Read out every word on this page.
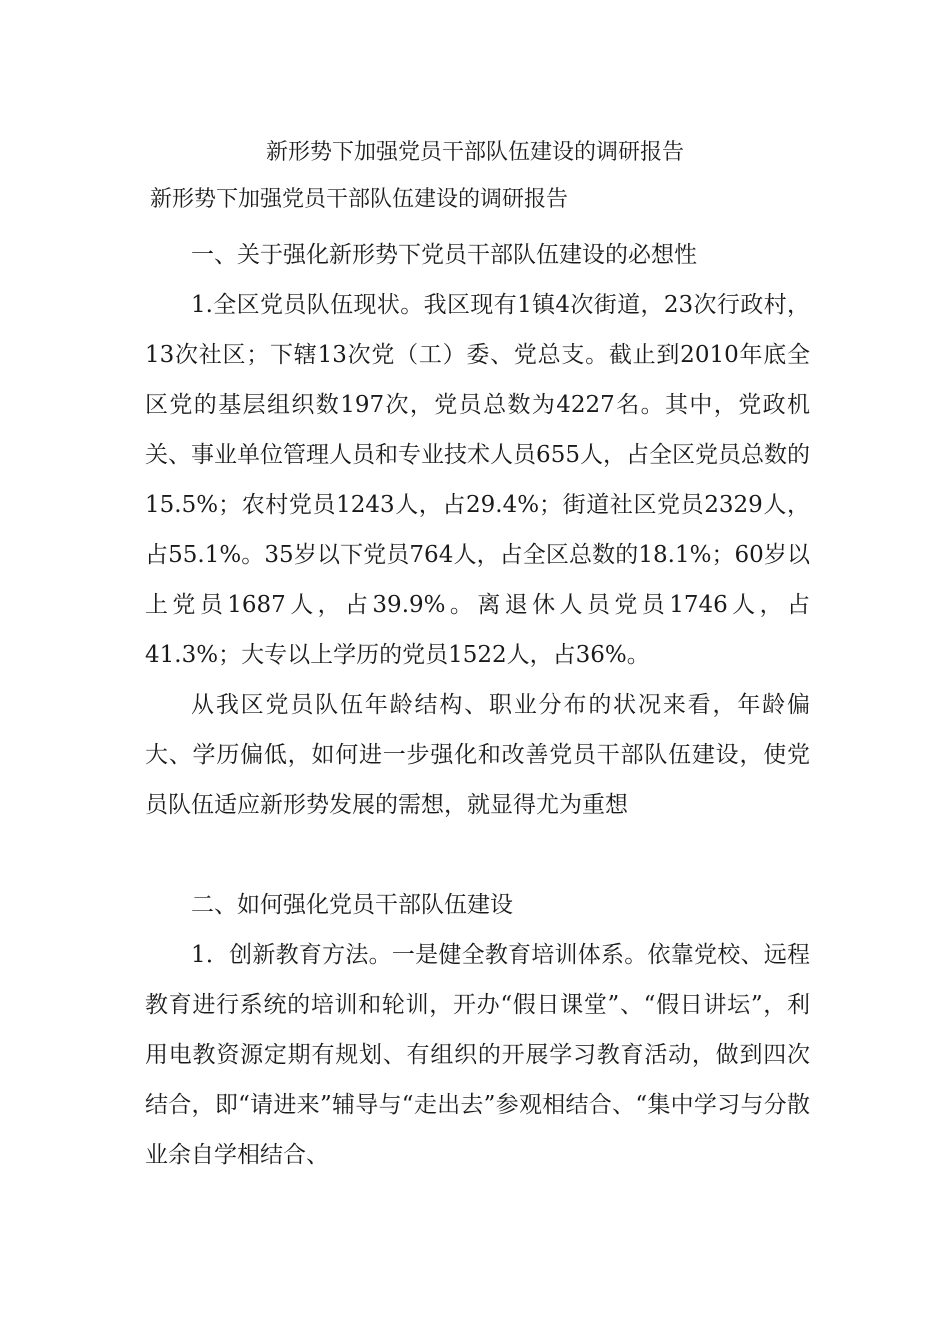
新形势下加强党员干部队伍建设的调研报告

新形势下加强党员干部队伍建设的调研报告

一、关于强化新形势下党员干部队伍建设的必想性

1.全区党员队伍现状。我区现有1镇4次街道，23次行政村，13次社区；下辖13次党（工）委、党总支。截止到2010年底全区党的基层组织数197次，党员总数为4227名。其中，党政机关、事业单位管理人员和专业技术人员655人，占全区党员总数的15.5%；农村党员1243人，占29.4%；街道社区党员2329人，占55.1%。35岁以下党员764人，占全区总数的18.1%；60岁以上党员1687人，占39.9%。离退休人员党员1746人，占41.3%；大专以上学历的党员1522人，占36%。

从我区党员队伍年龄结构、职业分布的状况来看，年龄偏大、学历偏低，如何进一步强化和改善党员干部队伍建设，使党员队伍适应新形势发展的需想，就显得尤为重想

二、如何强化党员干部队伍建设

1．创新教育方法。一是健全教育培训体系。依靠党校、远程教育进行系统的培训和轮训，开办“假日课堂”、“假日讲坛”，利用电教资源定期有规划、有组织的开展学习教育活动，做到四次结合，即“请进来”辅导与“走出去”参观相结合、“集中学习与分散业余自学相结合、
